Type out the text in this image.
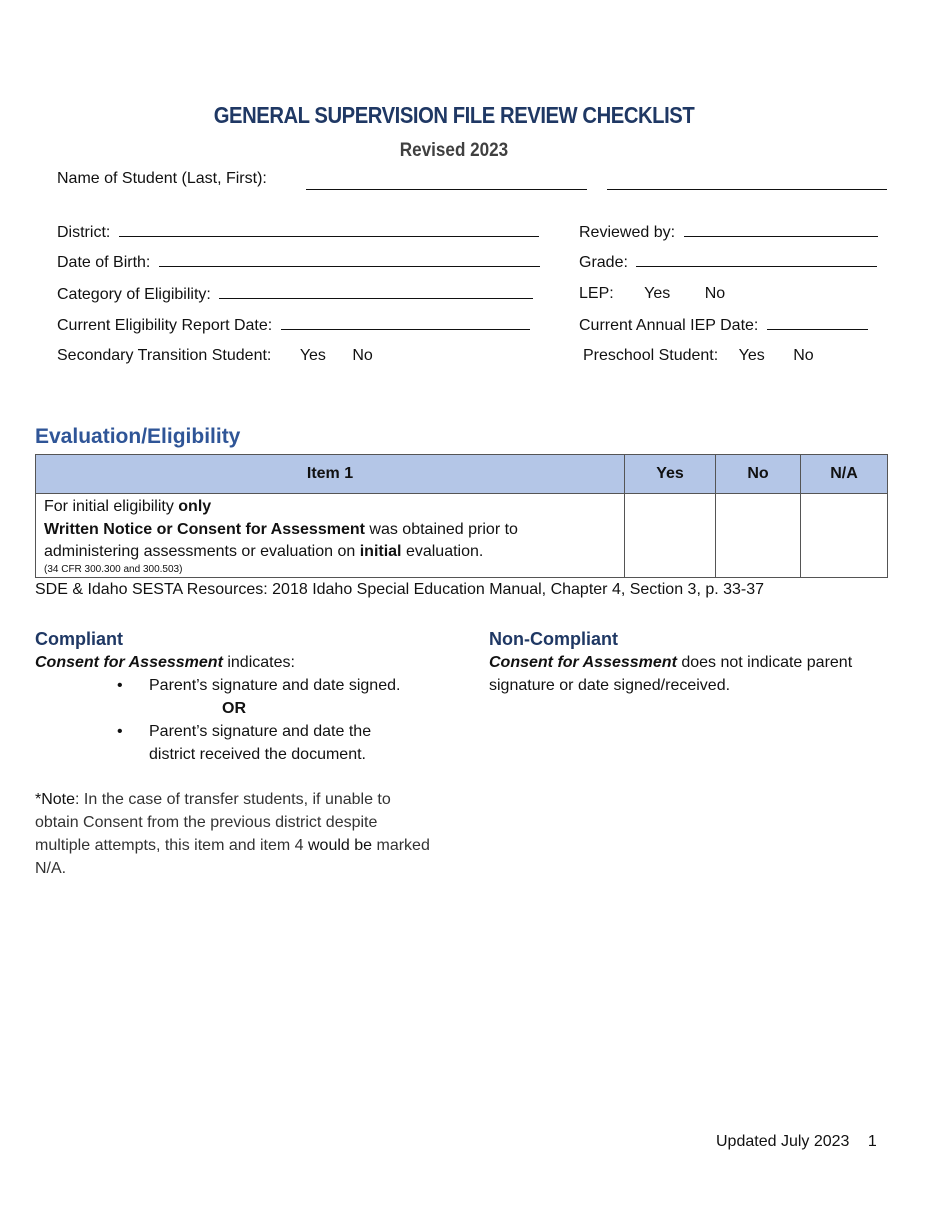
GENERAL SUPERVISION FILE REVIEW CHECKLIST
Revised 2023
Name of Student (Last, First):
District:
Date of Birth:
Category of Eligibility:
Current Eligibility Report Date:
Secondary Transition Student: Yes No
Reviewed by:
Grade:
LEP: Yes No
Current Annual IEP Date:
Preschool Student: Yes No
Evaluation/Eligibility
Item 1	Yes	No	N/A

For initial eligibility only
Written Notice or Consent for Assessment was obtained prior to
administering assessments or evaluation on initial evaluation.
(34 CFR 300.300 and 300.503)			

SDE & Idaho SESTA Resources: 2018 Idaho Special Education Manual, Chapter 4, Section 3, p. 33-37
Compliant
Consent for Assessment indicates:
• Parent’s signature and date signed.
OR
• Parent’s signature and date the district received the document.
*Note: In the case of transfer students, if unable to obtain Consent from the previous district despite multiple attempts, this item and item 4 would be marked N/A.
Non-Compliant
Consent for Assessment does not indicate parent signature or date signed/received.
Updated July 2023 1
